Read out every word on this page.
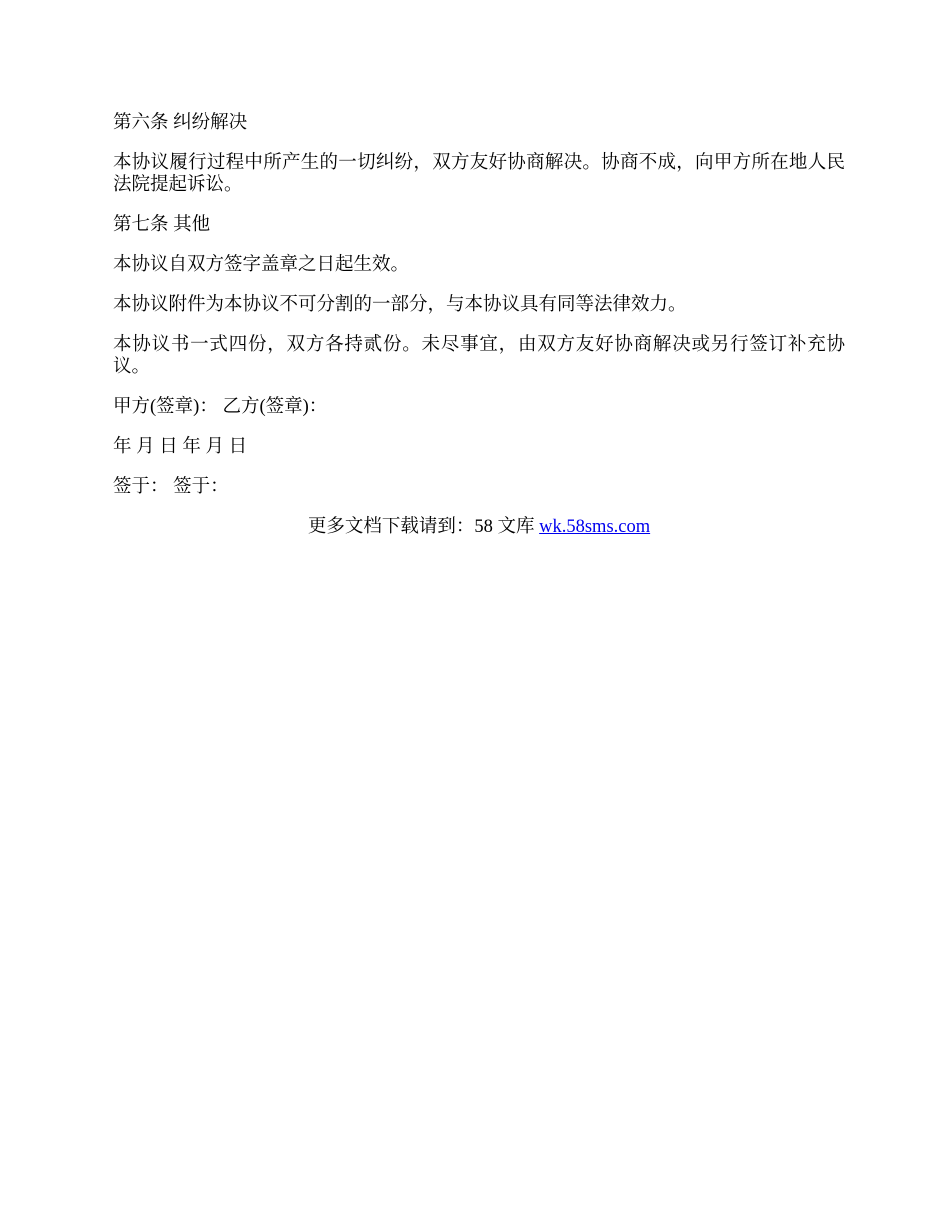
第六条 纠纷解决

本协议履行过程中所产生的一切纠纷，双方友好协商解决。协商不成，向甲方所在地人民法院提起诉讼。

第七条 其他

本协议自双方签字盖章之日起生效。

本协议附件为本协议不可分割的一部分，与本协议具有同等法律效力。

本协议书一式四份，双方各持贰份。未尽事宜，由双方友好协商解决或另行签订补充协议。

甲方(签章)： 乙方(签章)：

年 月 日 年 月 日

签于： 签于：

更多文档下载请到：58 文库 wk.58sms.com
